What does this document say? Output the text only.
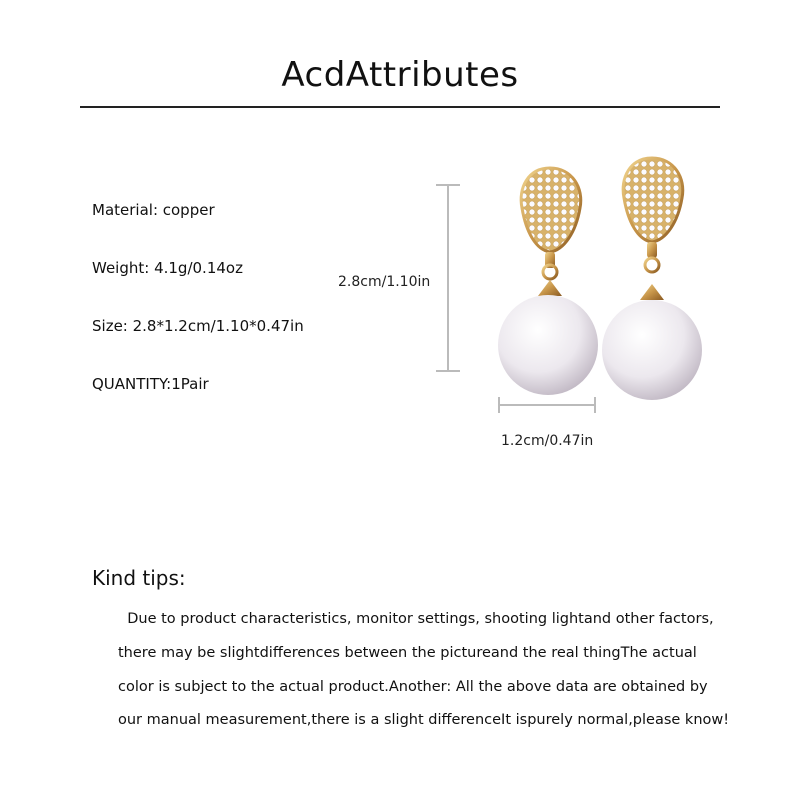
AcdAttributes
Material: copper
Weight: 4.1g/0.14oz
Size: 2.8*1.2cm/1.10*0.47in
QUANTITY:1Pair
2.8cm/1.10in
1.2cm/0.47in
Kind tips:
Due to product characteristics, monitor settings, shooting lightand other factors,
there may be slightdifferences between the pictureand the real thingThe actual
color is subject to the actual product.Another: All the above data are obtained by
our manual measurement,there is a slight differenceIt ispurely normal,please know!
